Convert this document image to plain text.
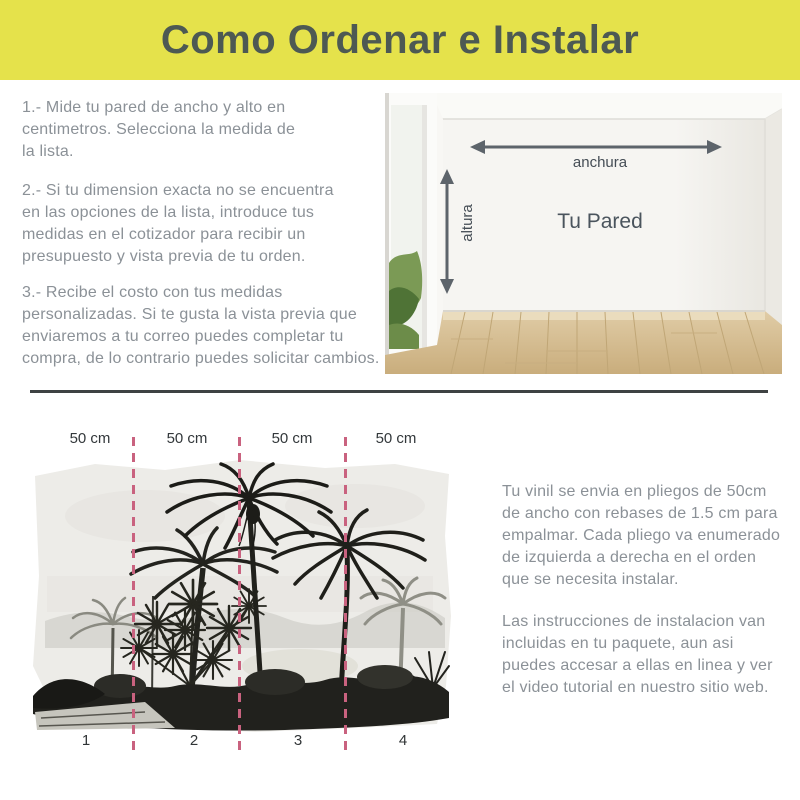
Como Ordenar e Instalar
1.- Mide tu pared de ancho y alto en
centimetros. Selecciona la medida de
la lista.
2.- Si tu dimension exacta no se encuentra
en las opciones de la lista, introduce tus
medidas en el cotizador para recibir un
presupuesto y vista previa de tu orden.
3.- Recibe el costo con tus medidas
personalizadas. Si te gusta la vista previa que
enviaremos a tu correo puedes completar tu
compra, de lo contrario puedes solicitar cambios.
anchura
altura	Tu Pared
50 cm	50 cm	50 cm	50 cm
1	2	3	4
Tu vinil se envia en pliegos de 50cm
de ancho con rebases de 1.5 cm para
empalmar. Cada pliego va enumerado
de izquierda a derecha en el orden
que se necesita instalar.
Las instrucciones de instalacion van
incluidas en tu paquete, aun asi
puedes accesar a ellas en linea y ver
el video tutorial en nuestro sitio web.
